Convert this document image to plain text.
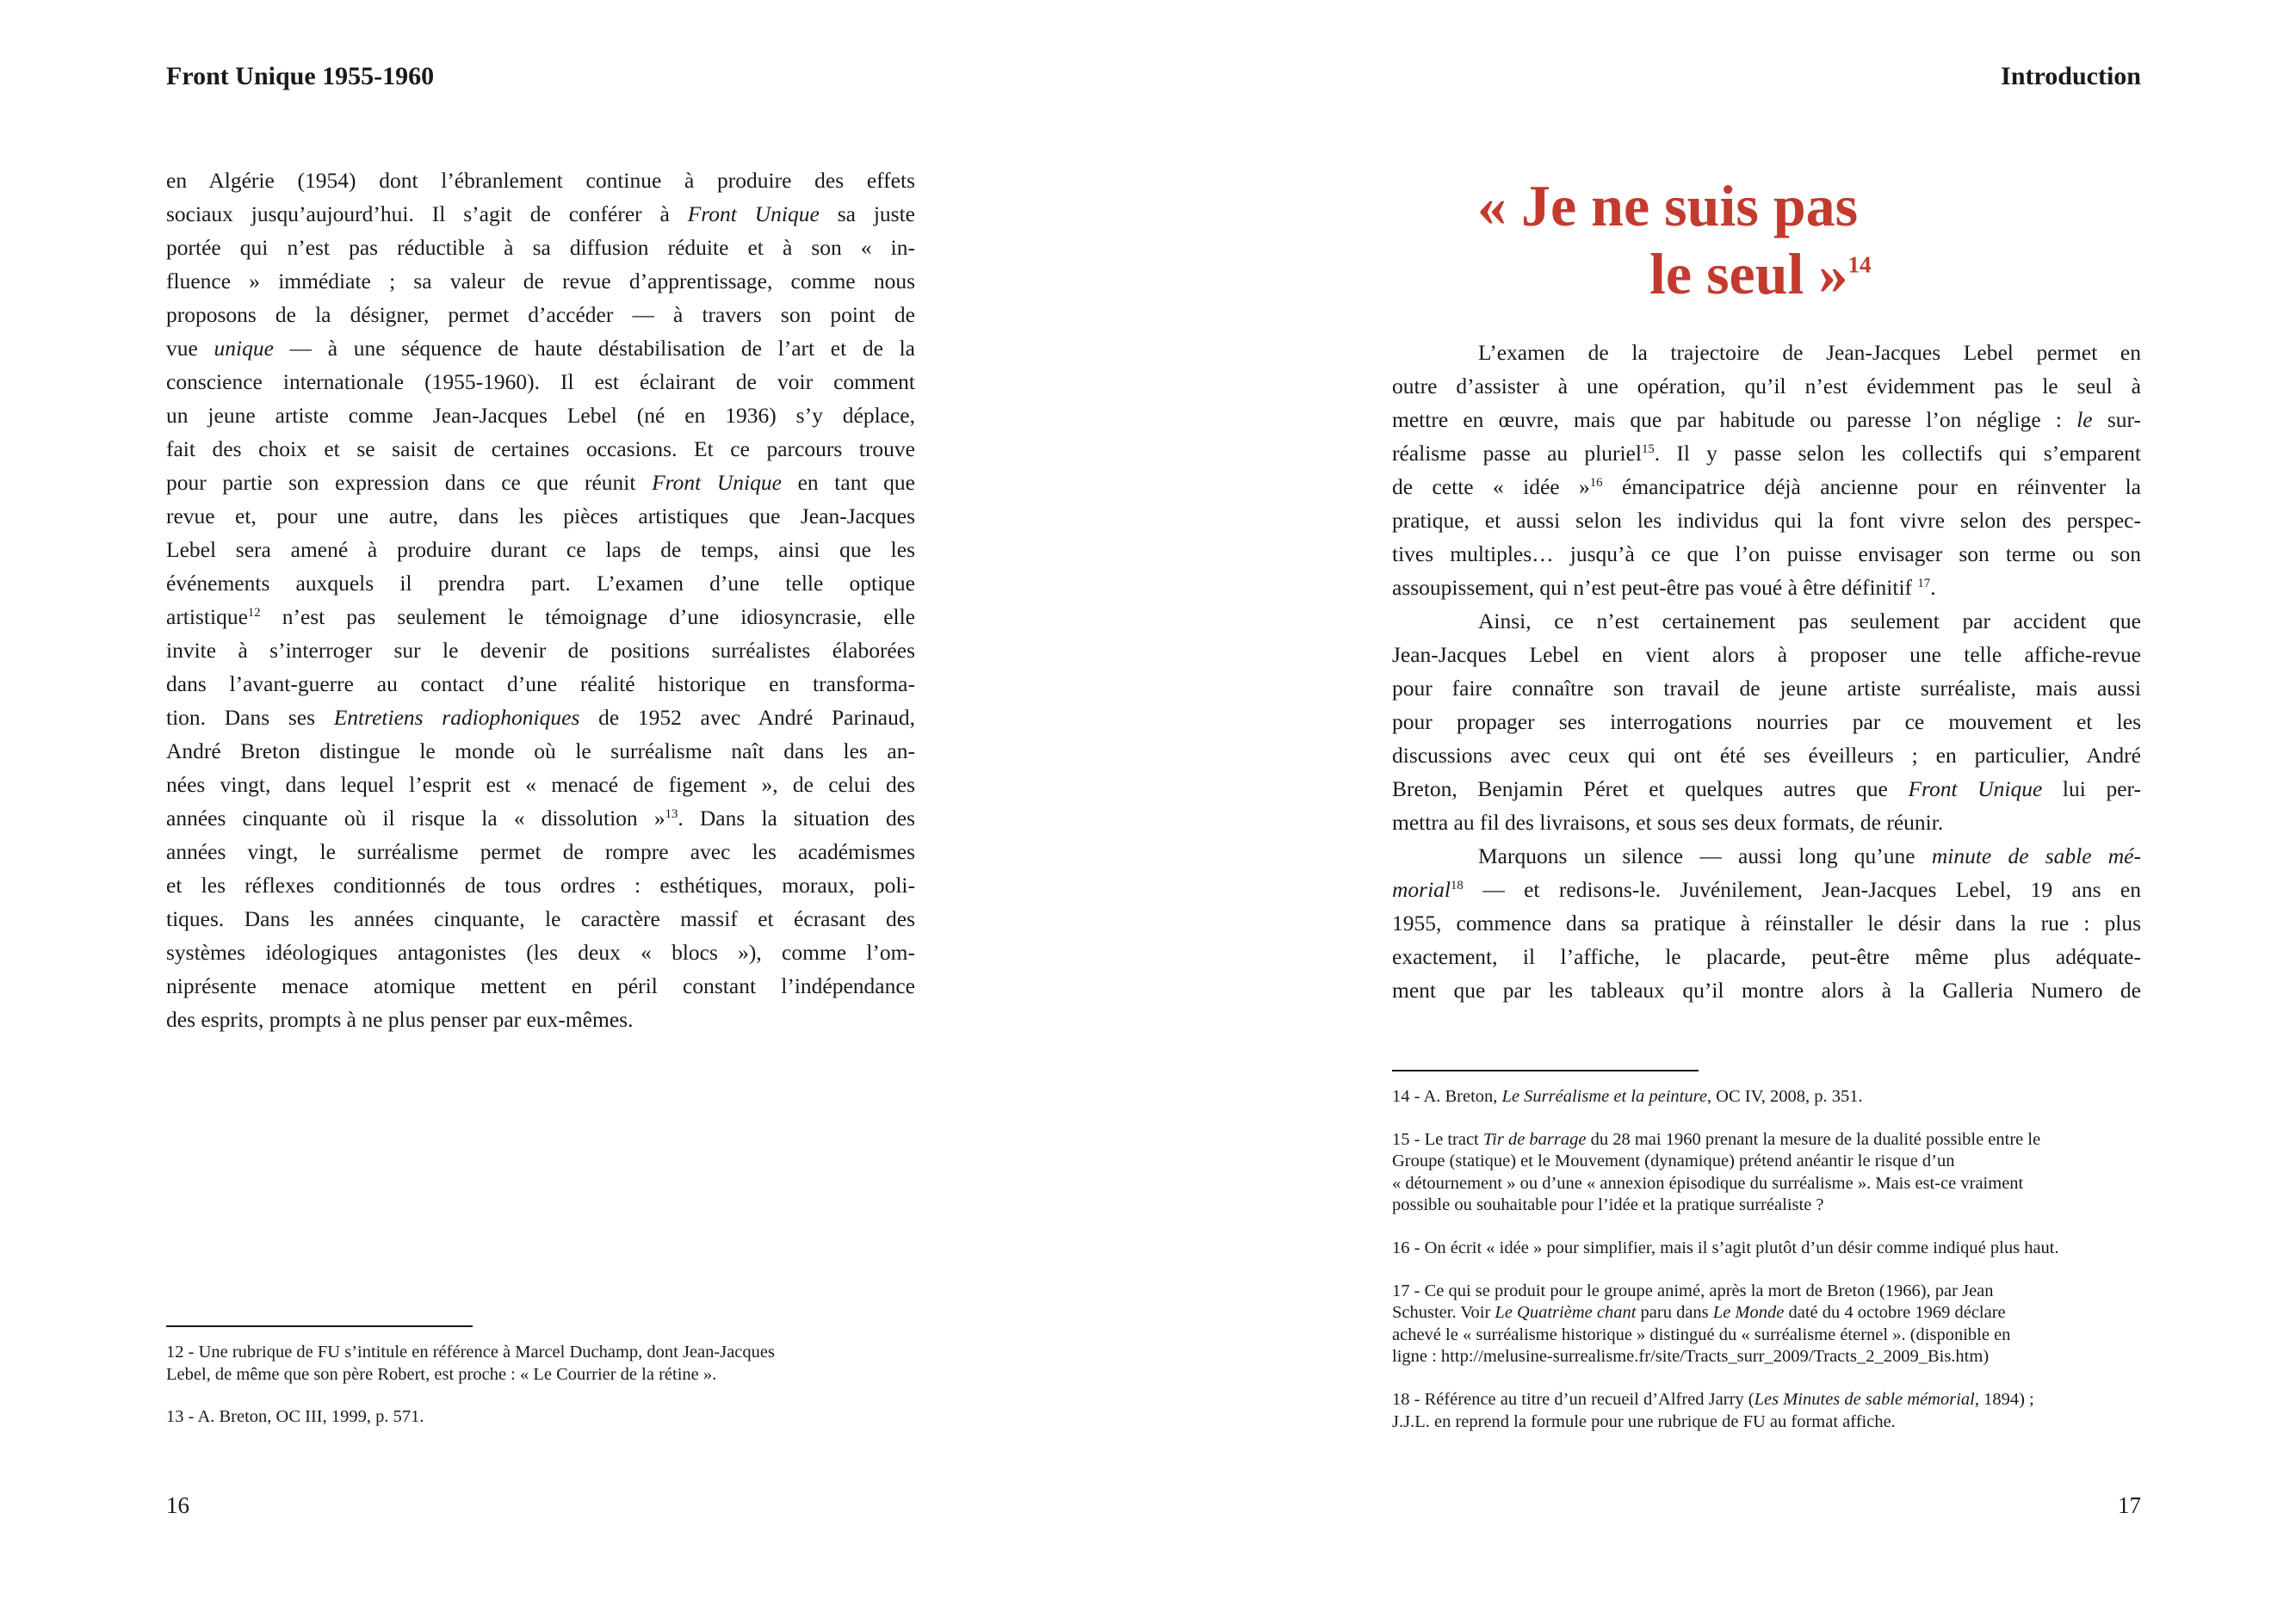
Front Unique 1955-1960
en Algérie (1954) dont l’ébranlement continue à produire des effets
sociaux jusqu’aujourd’hui. Il s’agit de conférer à Front Unique sa juste
portée qui n’est pas réductible à sa diffusion réduite et à son « in-
fluence » immédiate ; sa valeur de revue d’apprentissage, comme nous
proposons de la désigner, permet d’accéder — à travers son point de
vue unique — à une séquence de haute déstabilisation de l’art et de la
conscience internationale (1955-1960). Il est éclairant de voir comment
un jeune artiste comme Jean-Jacques Lebel (né en 1936) s’y déplace,
fait des choix et se saisit de certaines occasions. Et ce parcours trouve
pour partie son expression dans ce que réunit Front Unique en tant que
revue et, pour une autre, dans les pièces artistiques que Jean-Jacques
Lebel sera amené à produire durant ce laps de temps, ainsi que les
événements auxquels il prendra part. L’examen d’une telle optique
artistique$^{12}$ n’est pas seulement le témoignage d’une idiosyncrasie, elle
invite à s’interroger sur le devenir de positions surréalistes élaborées
dans l’avant-guerre au contact d’une réalité historique en transforma-
tion. Dans ses Entretiens radiophoniques de 1952 avec André Parinaud,
André Breton distingue le monde où le surréalisme naît dans les an-
nées vingt, dans lequel l’esprit est « menacé de figement », de celui des
années cinquante où il risque la « dissolution »$^{13}$. Dans la situation des
années vingt, le surréalisme permet de rompre avec les académismes
et les réflexes conditionnés de tous ordres : esthétiques, moraux, poli-
tiques. Dans les années cinquante, le caractère massif et écrasant des
systèmes idéologiques antagonistes (les deux « blocs »), comme l’om-
niprésente menace atomique mettent en péril constant l’indépendance
des esprits, prompts à ne plus penser par eux-mêmes.
12 - Une rubrique de FU s’intitule en référence à Marcel Duchamp, dont Jean-Jacques
Lebel, de même que son père Robert, est proche : « Le Courrier de la rétine ».
13 - A. Breton, OC III, 1999, p. 571.
16
Introduction
« Je ne suis pas
le seul »$^{14}$
L’examen de la trajectoire de Jean-Jacques Lebel permet en
outre d’assister à une opération, qu’il n’est évidemment pas le seul à
mettre en œuvre, mais que par habitude ou paresse l’on néglige : le sur-
réalisme passe au pluriel$^{15}$. Il y passe selon les collectifs qui s’emparent
de cette « idée »$^{16}$ émancipatrice déjà ancienne pour en réinventer la
pratique, et aussi selon les individus qui la font vivre selon des perspec-
tives multiples… jusqu’à ce que l’on puisse envisager son terme ou son
assoupissement, qui n’est peut-être pas voué à être définitif $^{17}$.
Ainsi, ce n’est certainement pas seulement par accident que
Jean-Jacques Lebel en vient alors à proposer une telle affiche-revue
pour faire connaître son travail de jeune artiste surréaliste, mais aussi
pour propager ses interrogations nourries par ce mouvement et les
discussions avec ceux qui ont été ses éveilleurs ; en particulier, André
Breton, Benjamin Péret et quelques autres que Front Unique lui per-
mettra au fil des livraisons, et sous ses deux formats, de réunir.
Marquons un silence — aussi long qu’une minute de sable mé-
morial$^{18}$ — et redisons-le. Juvénilement, Jean-Jacques Lebel, 19 ans en
1955, commence dans sa pratique à réinstaller le désir dans la rue : plus
exactement, il l’affiche, le placarde, peut-être même plus adéquate-
ment que par les tableaux qu’il montre alors à la Galleria Numero de
14 - A. Breton, Le Surréalisme et la peinture, OC IV, 2008, p. 351.
15 - Le tract Tir de barrage du 28 mai 1960 prenant la mesure de la dualité possible entre le
Groupe (statique) et le Mouvement (dynamique) prétend anéantir le risque d’un
« détournement » ou d’une « annexion épisodique du surréalisme ». Mais est-ce vraiment
possible ou souhaitable pour l’idée et la pratique surréaliste ?
16 - On écrit « idée » pour simplifier, mais il s’agit plutôt d’un désir comme indiqué plus haut.
17 - Ce qui se produit pour le groupe animé, après la mort de Breton (1966), par Jean
Schuster. Voir Le Quatrième chant paru dans Le Monde daté du 4 octobre 1969 déclare
achevé le « surréalisme historique » distingué du « surréalisme éternel ». (disponible en
ligne : http://melusine-surrealisme.fr/site/Tracts_surr_2009/Tracts_2_2009_Bis.htm)
18 - Référence au titre d’un recueil d’Alfred Jarry (Les Minutes de sable mémorial, 1894) ;
J.J.L. en reprend la formule pour une rubrique de FU au format affiche.
17
